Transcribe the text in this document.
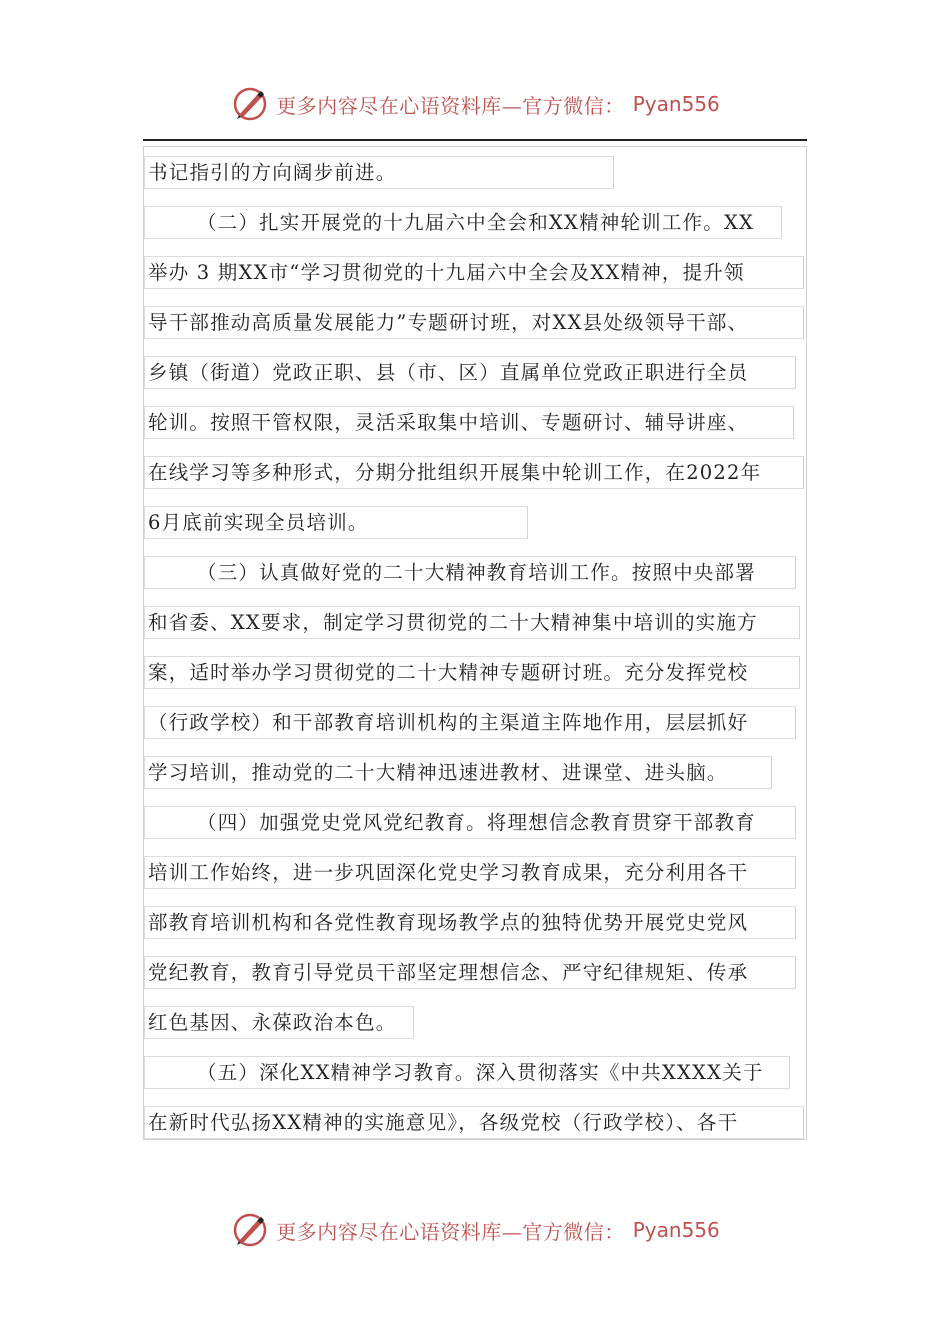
更多内容尽在心语资料库—官方微信： Pyan556
书记指引的方向阔步前进。
（二）扎实开展党的十九届六中全会和XX精神轮训工作。XX
举办 3 期XX市“学习贯彻党的十九届六中全会及XX精神，提升领
导干部推动高质量发展能力”专题研讨班，对XX县处级领导干部、
乡镇（街道）党政正职、县（市、区）直属单位党政正职进行全员
轮训。按照干管权限，灵活采取集中培训、专题研讨、辅导讲座、
在线学习等多种形式，分期分批组织开展集中轮训工作，在2022年
6月底前实现全员培训。
（三）认真做好党的二十大精神教育培训工作。按照中央部署
和省委、XX要求，制定学习贯彻党的二十大精神集中培训的实施方
案，适时举办学习贯彻党的二十大精神专题研讨班。充分发挥党校
（行政学校）和干部教育培训机构的主渠道主阵地作用，层层抓好
学习培训，推动党的二十大精神迅速进教材、进课堂、进头脑。
（四）加强党史党风党纪教育。将理想信念教育贯穿干部教育
培训工作始终，进一步巩固深化党史学习教育成果，充分利用各干
部教育培训机构和各党性教育现场教学点的独特优势开展党史党风
党纪教育，教育引导党员干部坚定理想信念、严守纪律规矩、传承
红色基因、永葆政治本色。
（五）深化XX精神学习教育。深入贯彻落实《中共XXXX关于
在新时代弘扬XX精神的实施意见》，各级党校（行政学校）、各干
更多内容尽在心语资料库—官方微信： Pyan556
